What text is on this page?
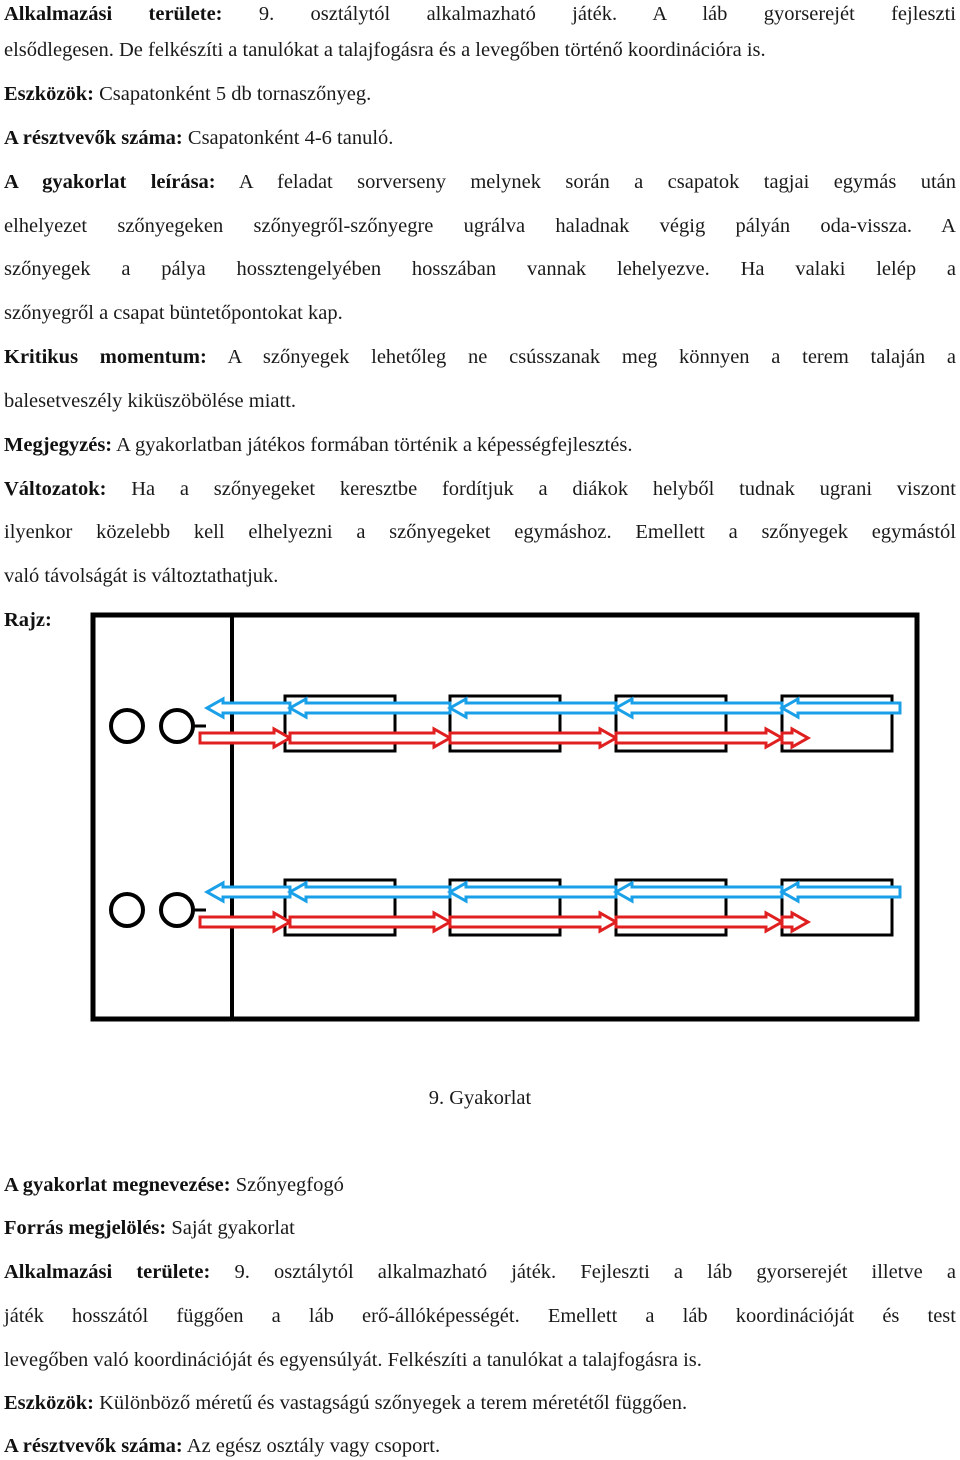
Alkalmazási területe: 9. osztálytól alkalmazható játék. A láb gyorserejét fejleszti
elsődlegesen. De felkészíti a tanulókat a talajfogásra és a levegőben történő koordinációra is.
Eszközök: Csapatonként 5 db tornaszőnyeg.
A résztvevők száma: Csapatonként 4-6 tanuló.
A gyakorlat leírása: A feladat sorverseny melynek során a csapatok tagjai egymás után
elhelyezet szőnyegeken szőnyegről-szőnyegre ugrálva haladnak végig pályán oda-vissza. A
szőnyegek a pálya hossztengelyében hosszában vannak lehelyezve. Ha valaki lelép a
szőnyegről a csapat büntetőpontokat kap.
Kritikus momentum: A szőnyegek lehetőleg ne csússzanak meg könnyen a terem talaján a
balesetveszély kiküszöbölése miatt.
Megjegyzés: A gyakorlatban játékos formában történik a képességfejlesztés.
Változatok: Ha a szőnyegeket keresztbe fordítjuk a diákok helyből tudnak ugrani viszont
ilyenkor közelebb kell elhelyezni a szőnyegeket egymáshoz. Emellett a szőnyegek egymástól
való távolságát is változtathatjuk.
Rajz:
9. Gyakorlat
A gyakorlat megnevezése: Szőnyegfogó
Forrás megjelölés: Saját gyakorlat
Alkalmazási területe: 9. osztálytól alkalmazható játék. Fejleszti a láb gyorserejét illetve a
játék hosszától függően a láb erő-állóképességét. Emellett a láb koordinációját és test
levegőben való koordinációját és egyensúlyát. Felkészíti a tanulókat a talajfogásra is.
Eszközök: Különböző méretű és vastagságú szőnyegek a terem méretétől függően.
A résztvevők száma: Az egész osztály vagy csoport.
